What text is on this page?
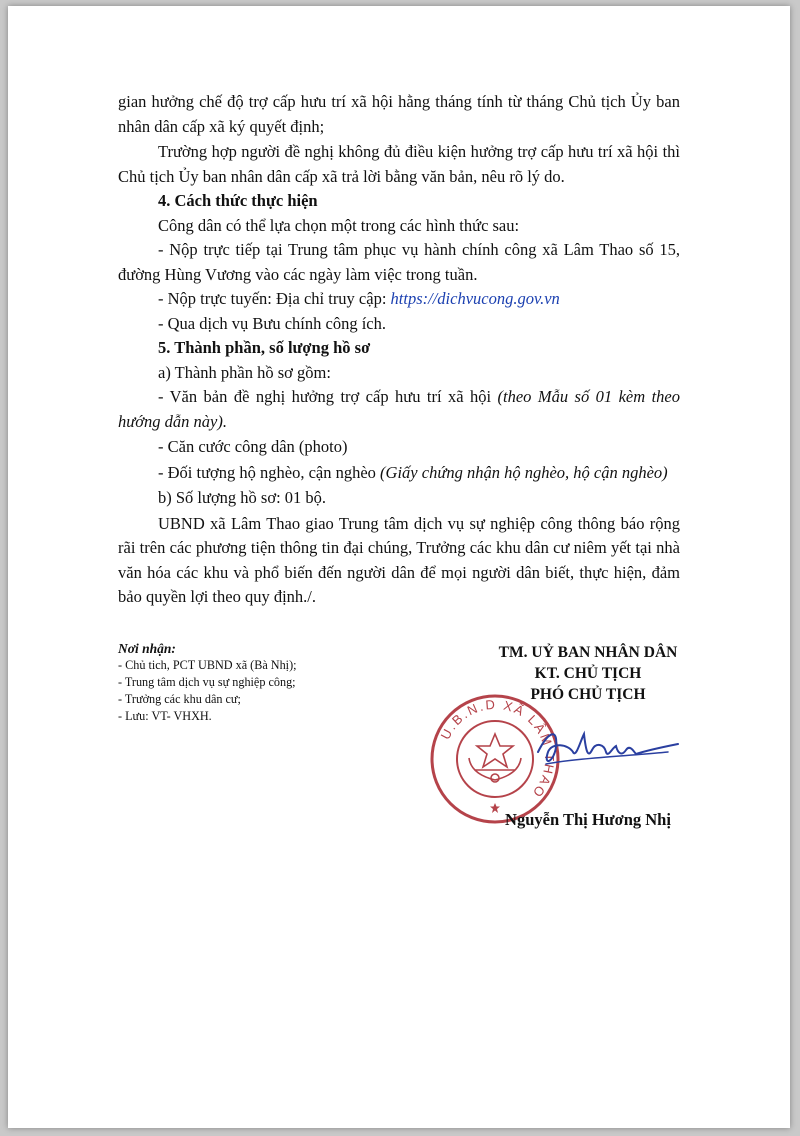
gian hưởng chế độ trợ cấp hưu trí xã hội hằng tháng tính từ tháng Chủ tịch Ủy ban nhân dân cấp xã ký quyết định;

Trường hợp người đề nghị không đủ điều kiện hưởng trợ cấp hưu trí xã hội thì Chủ tịch Ủy ban nhân dân cấp xã trả lời bằng văn bản, nêu rõ lý do.

4. Cách thức thực hiện

Công dân có thể lựa chọn một trong các hình thức sau:

- Nộp trực tiếp tại Trung tâm phục vụ hành chính công xã Lâm Thao số 15, đường Hùng Vương vào các ngày làm việc trong tuần.

- Nộp trực tuyến: Địa chỉ truy cập: https://dichvucong.gov.vn

- Qua dịch vụ Bưu chính công ích.

5. Thành phần, số lượng hồ sơ

a) Thành phần hồ sơ gồm:

- Văn bản đề nghị hưởng trợ cấp hưu trí xã hội (theo Mẫu số 01 kèm theo hướng dẫn này).

- Căn cước công dân (photo)

- Đối tượng hộ nghèo, cận nghèo (Giấy chứng nhận hộ nghèo, hộ cận nghèo)

b) Số lượng hồ sơ: 01 bộ.

UBND xã Lâm Thao giao Trung tâm dịch vụ sự nghiệp công thông báo rộng rãi trên các phương tiện thông tin đại chúng, Trưởng các khu dân cư niêm yết tại nhà văn hóa các khu và phổ biến đến người dân để mọi người dân biết, thực hiện, đảm bảo quyền lợi theo quy định./.

Nơi nhận:
- Chủ tich, PCT UBND xã (Bà Nhị);
- Trung tâm dịch vụ sự nghiệp công;
- Trưởng các khu dân cư;
- Lưu: VT- VHXH.
TM. UỶ BAN NHÂN DÂN
KT. CHỦ TỊCH
PHÓ CHỦ TỊCH
U.B.N.D XÃ LÂM THAO
Nguyễn Thị Hương Nhị
